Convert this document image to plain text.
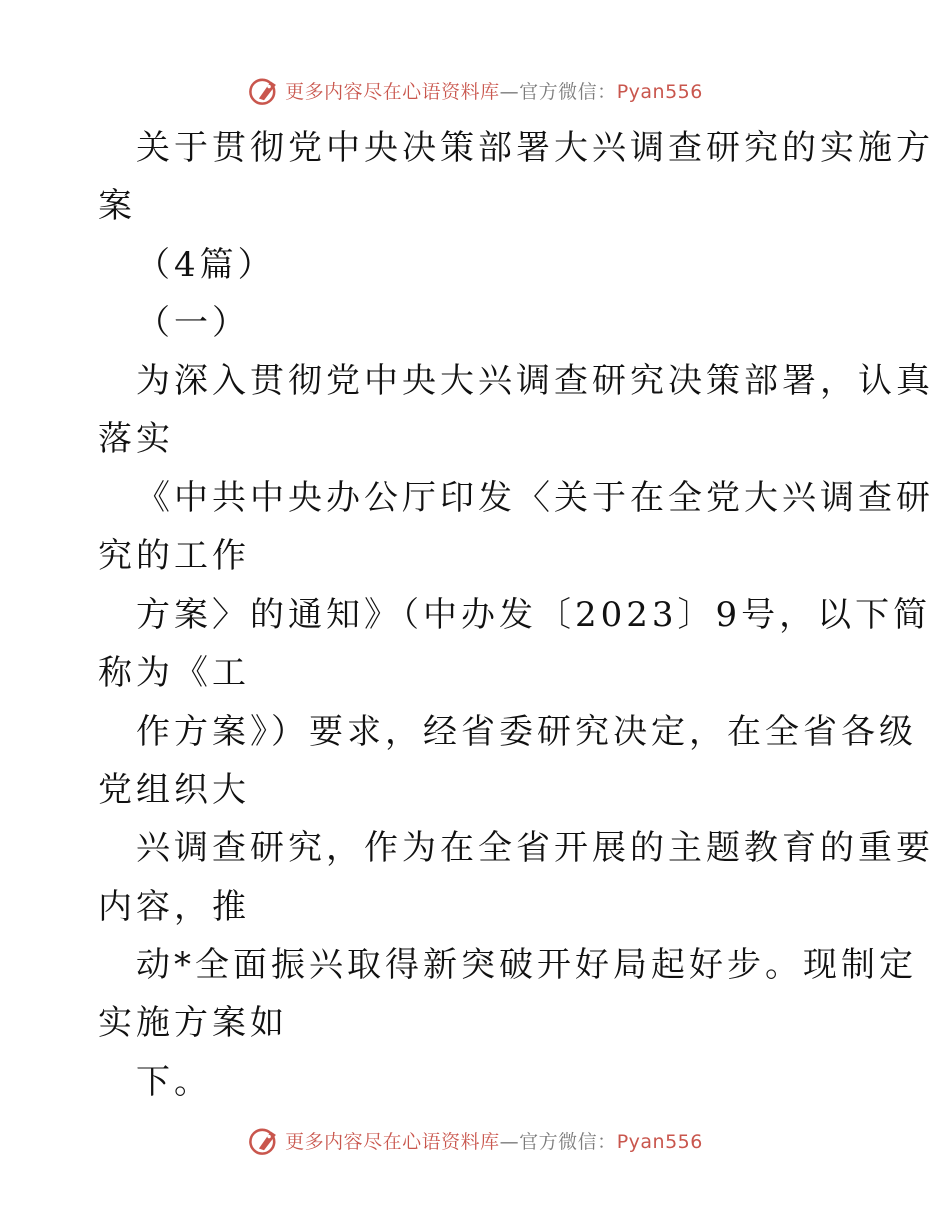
更多内容尽在心语资料库—官方微信：Pyan556
关于贯彻党中央决策部署大兴调查研究的实施方
案
（4篇）
（一）
为深入贯彻党中央大兴调查研究决策部署，认真
落实
《中共中央办公厅印发〈关于在全党大兴调查研
究的工作
方案〉的通知》（中办发〔2023〕9号，以下简
称为《工
作方案》）要求，经省委研究决定，在全省各级
党组织大
兴调查研究，作为在全省开展的主题教育的重要
内容，推
动*全面振兴取得新突破开好局起好步。现制定
实施方案如
下。
更多内容尽在心语资料库—官方微信：Pyan556
